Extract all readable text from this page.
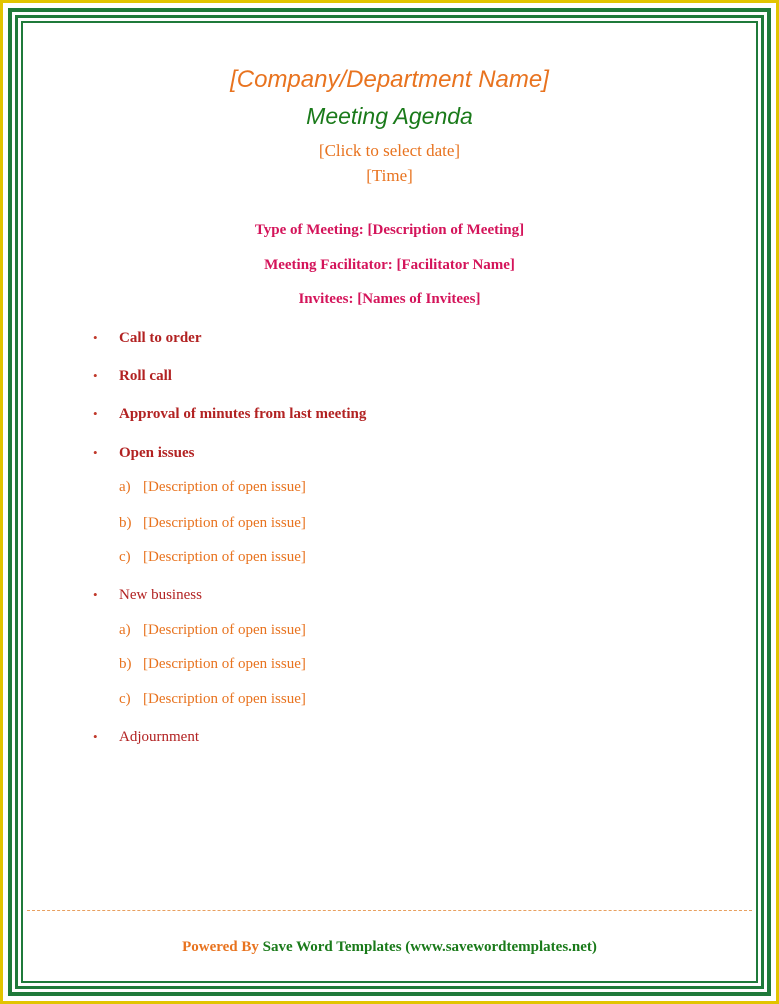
[Company/Department Name]
Meeting Agenda
[Click to select date]
[Time]
Type of Meeting: [Description of Meeting]
Meeting Facilitator: [Facilitator Name]
Invitees: [Names of Invitees]
• Call to order
• Roll call
• Approval of minutes from last meeting
• Open issues
a) [Description of open issue]
b) [Description of open issue]
c) [Description of open issue]
• New business
a) [Description of open issue]
b) [Description of open issue]
c) [Description of open issue]
• Adjournment
Powered By Save Word Templates (www.savewordtemplates.net)
